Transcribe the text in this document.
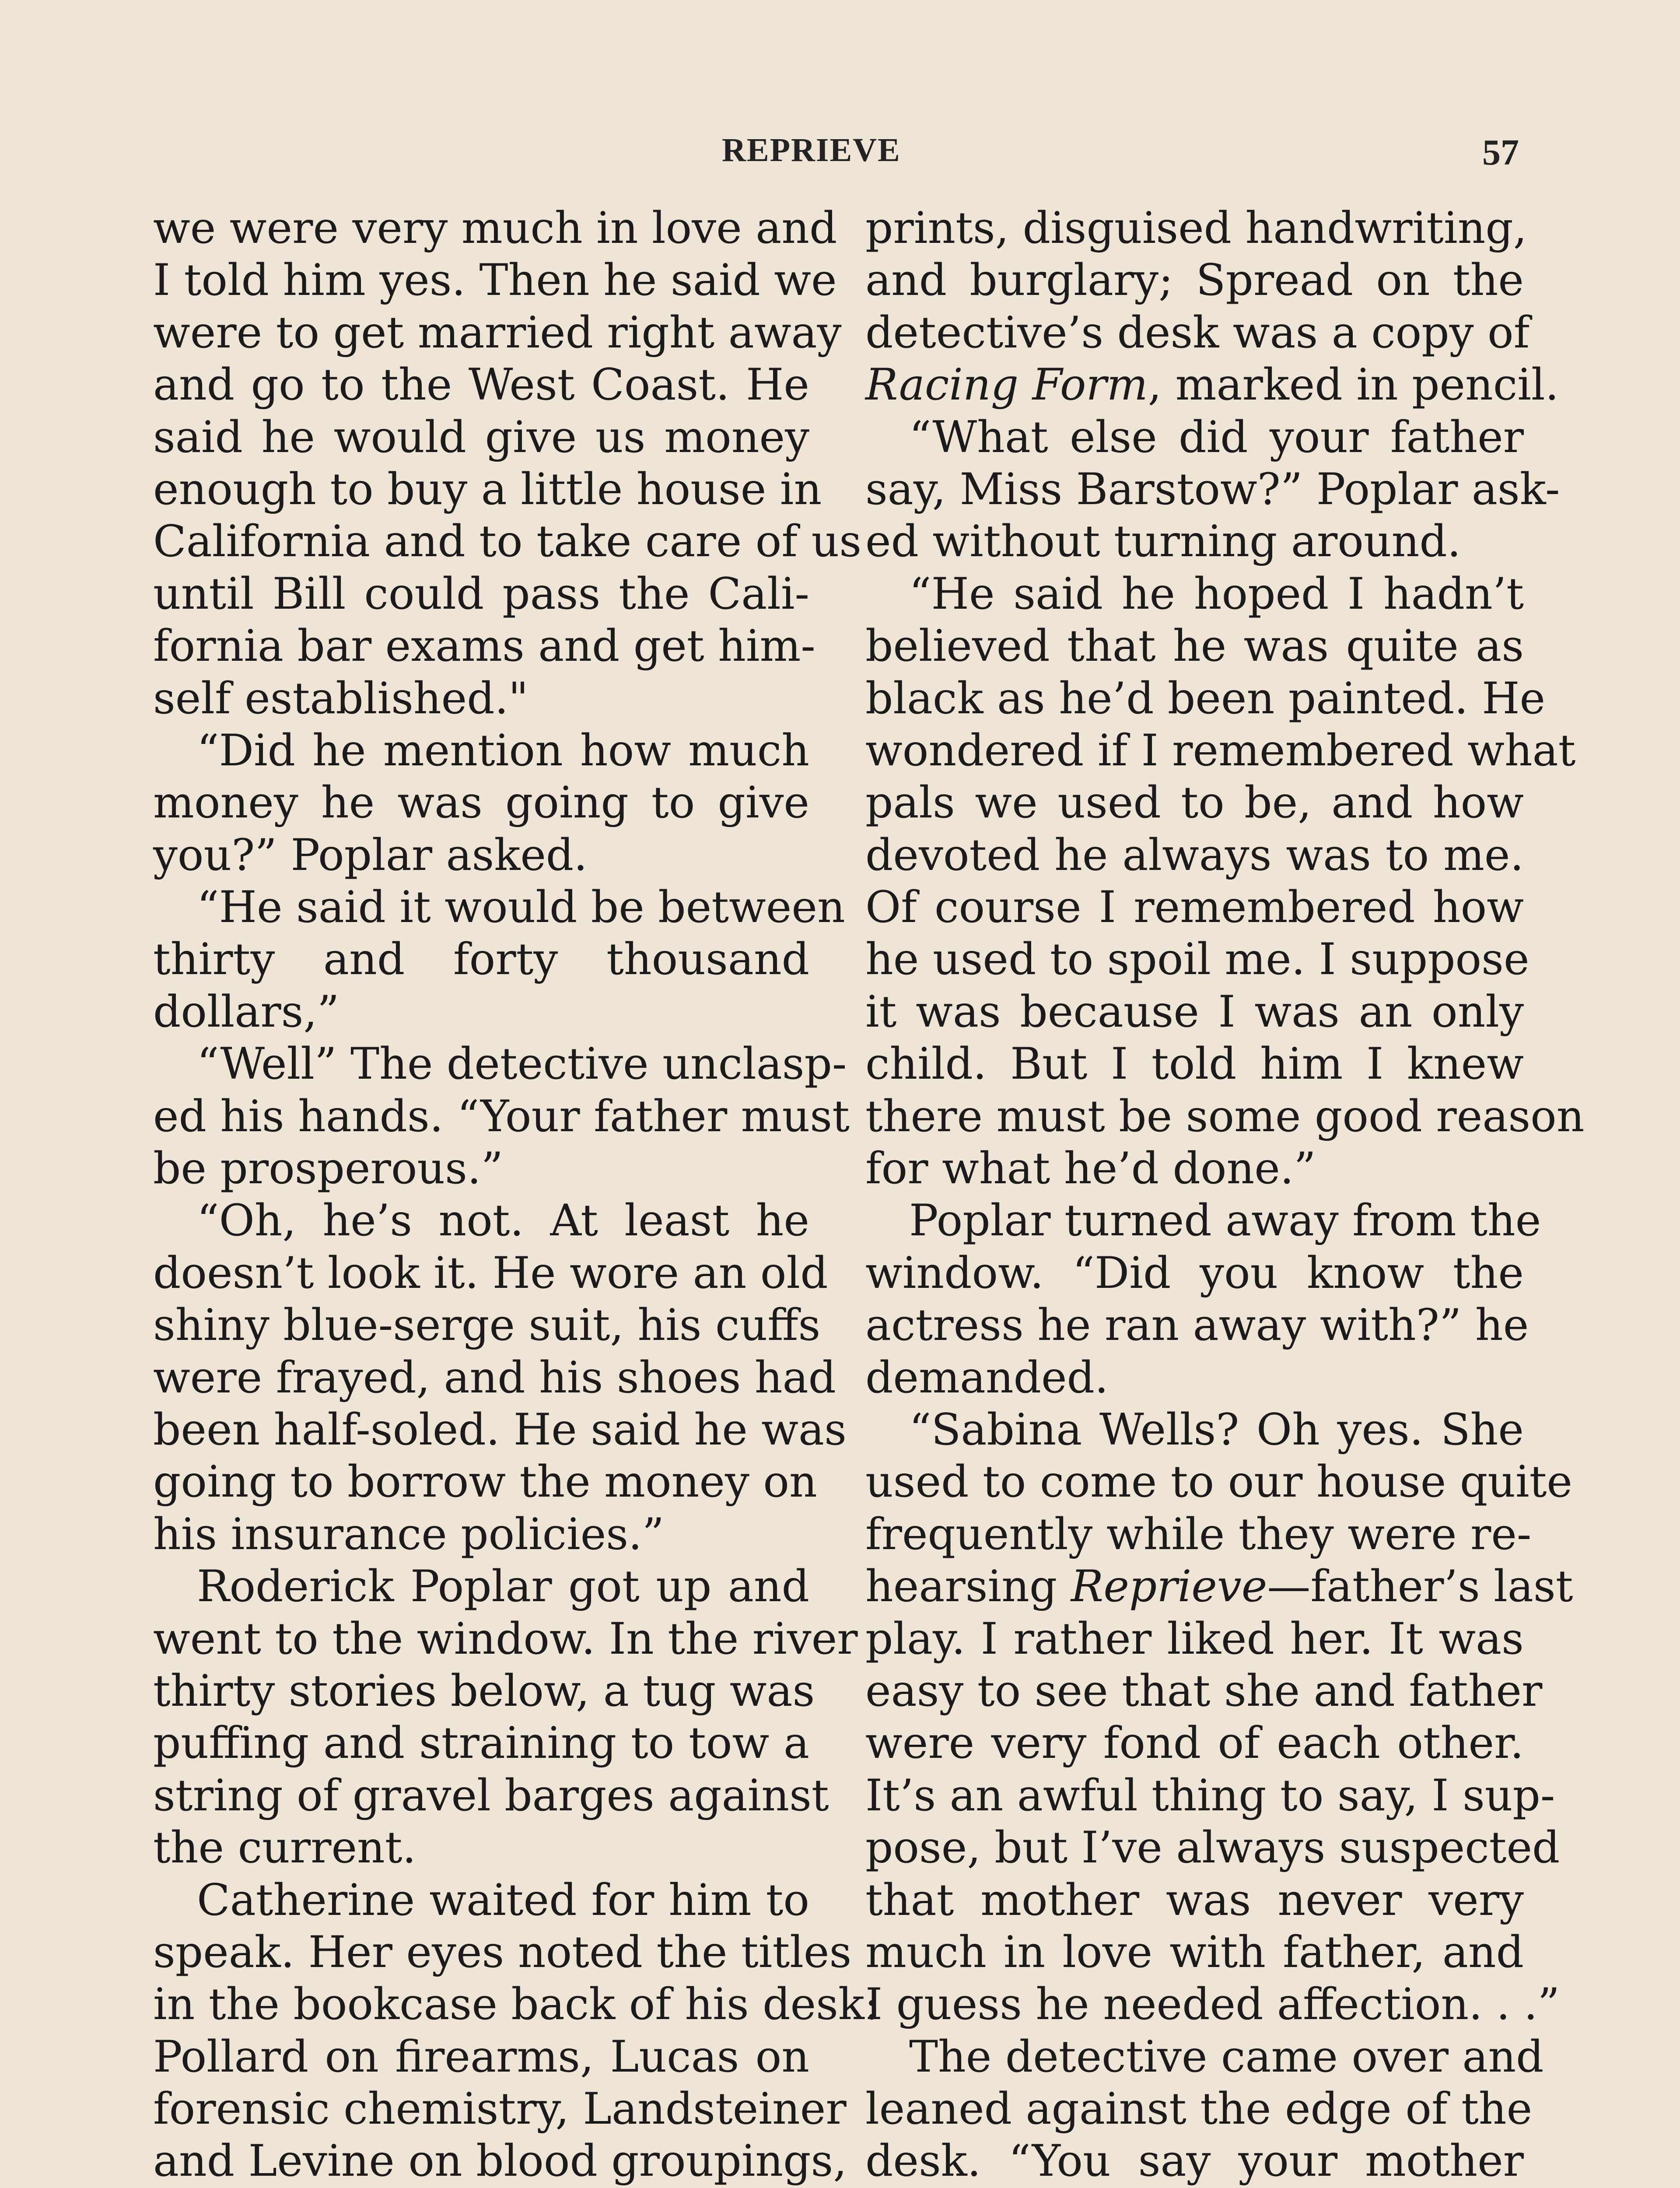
REPRIEVE	57
we were very much in love and
I told him yes. Then he said we
were to get married right away
and go to the West Coast. He
said he would give us money
enough to buy a little house in
California and to take care of us
until Bill could pass the Cali-
fornia bar exams and get him-
self established."
“Did he mention how much
money he was going to give
you?” Poplar asked.
“He said it would be between
thirty and forty thousand
dollars,”
“Well” The detective unclasp-
ed his hands. “Your father must
be prosperous.”
“Oh, he’s not. At least he
doesn’t look it. He wore an old
shiny blue-serge suit, his cuffs
were frayed, and his shoes had
been half-soled. He said he was
going to borrow the money on
his insurance policies.”
Roderick Poplar got up and
went to the window. In the river
thirty stories below, a tug was
puffing and straining to tow a
string of gravel barges against
the current.
Catherine waited for him to
speak. Her eyes noted the titles
in the bookcase back of his desk:
Pollard on firearms, Lucas on
forensic chemistry, Landsteiner
and Levine on blood groupings,
prints, disguised handwriting,
and burglary; Spread on the
detective’s desk was a copy of
Racing Form, marked in pencil.
“What else did your father
say, Miss Barstow?” Poplar ask-
ed without turning around.
“He said he hoped I hadn’t
believed that he was quite as
black as he’d been painted. He
wondered if I remembered what
pals we used to be, and how
devoted he always was to me.
Of course I remembered how
he used to spoil me. I suppose
it was because I was an only
child. But I told him I knew
there must be some good reason
for what he’d done.”
Poplar turned away from the
window. “Did you know the
actress he ran away with?” he
demanded.
“Sabina Wells? Oh yes. She
used to come to our house quite
frequently while they were re-
hearsing Reprieve—father’s last
play. I rather liked her. It was
easy to see that she and father
were very fond of each other.
It’s an awful thing to say, I sup-
pose, but I’ve always suspected
that mother was never very
much in love with father, and
I guess he needed affection. . .”
The detective came over and
leaned against the edge of the
desk. “You say your mother
